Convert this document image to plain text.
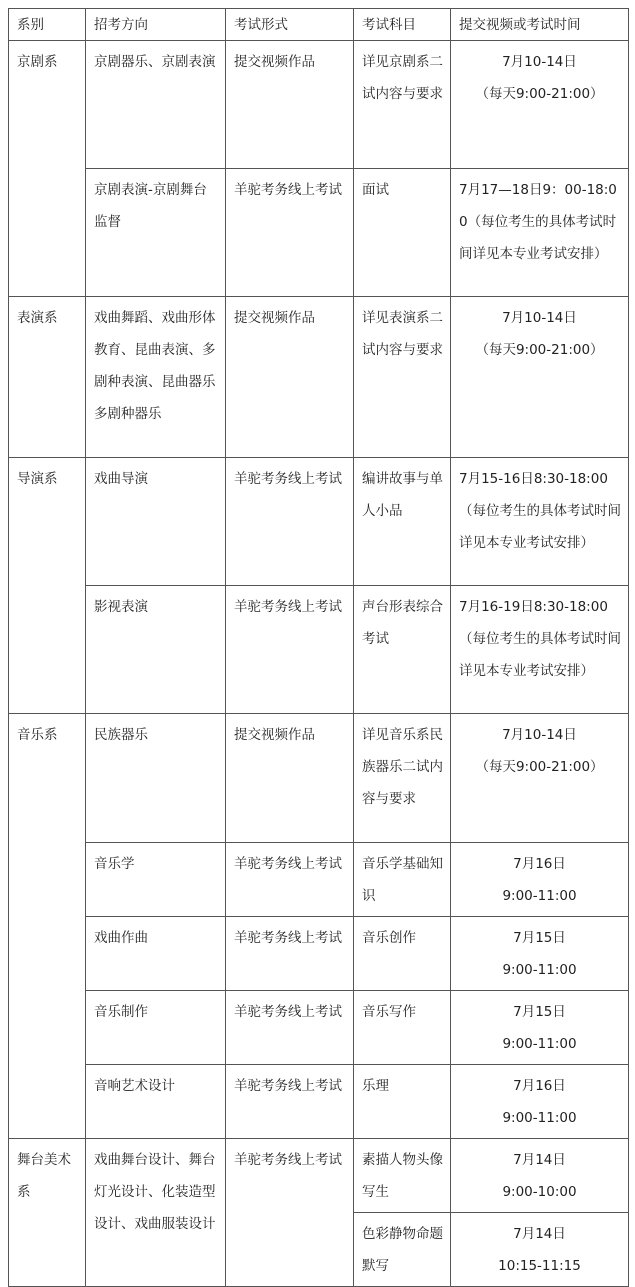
系别	招考方向	考试形式	考试科目	提交视频或考试时间
京剧系	京剧器乐、京剧表演	提交视频作品	详见京剧系二试内容与要求	7月10-14日
（每天9:00-21:00）

	京剧表演-京剧舞台监督	羊驼考务线上考试	面试	7月17—18日9：00-18:00（每位考生的具体考试时间详见本专业考试安排）
表演系	戏曲舞蹈、戏曲形体教育、昆曲表演、多剧种表演、昆曲器乐多剧种器乐	提交视频作品	详见表演系二试内容与要求	7月10-14日
（每天9:00-21:00）

导演系	戏曲导演	羊驼考务线上考试	编讲故事与单人小品	7月15-16日8:30-18:00（每位考生的具体考试时间详见本专业考试安排）
	影视表演	羊驼考务线上考试	声台形表综合考试	7月16-19日8:30-18:00（每位考生的具体考试时间详见本专业考试安排）
音乐系	民族器乐	提交视频作品	详见音乐系民族器乐二试内容与要求	7月10-14日
（每天9:00-21:00）

	音乐学	羊驼考务线上考试	音乐学基础知识	7月16日
9:00-11:00

	戏曲作曲	羊驼考务线上考试	音乐创作	7月15日
9:00-11:00

	音乐制作	羊驼考务线上考试	音乐写作	7月15日
9:00-11:00

	音响艺术设计	羊驼考务线上考试	乐理	7月16日
9:00-11:00

舞台美术系	戏曲舞台设计、舞台灯光设计、化装造型设计、戏曲服装设计	羊驼考务线上考试	素描人物头像写生	7月14日
9:00-10:00

			色彩静物命题默写	7月14日
10:15-11:15
